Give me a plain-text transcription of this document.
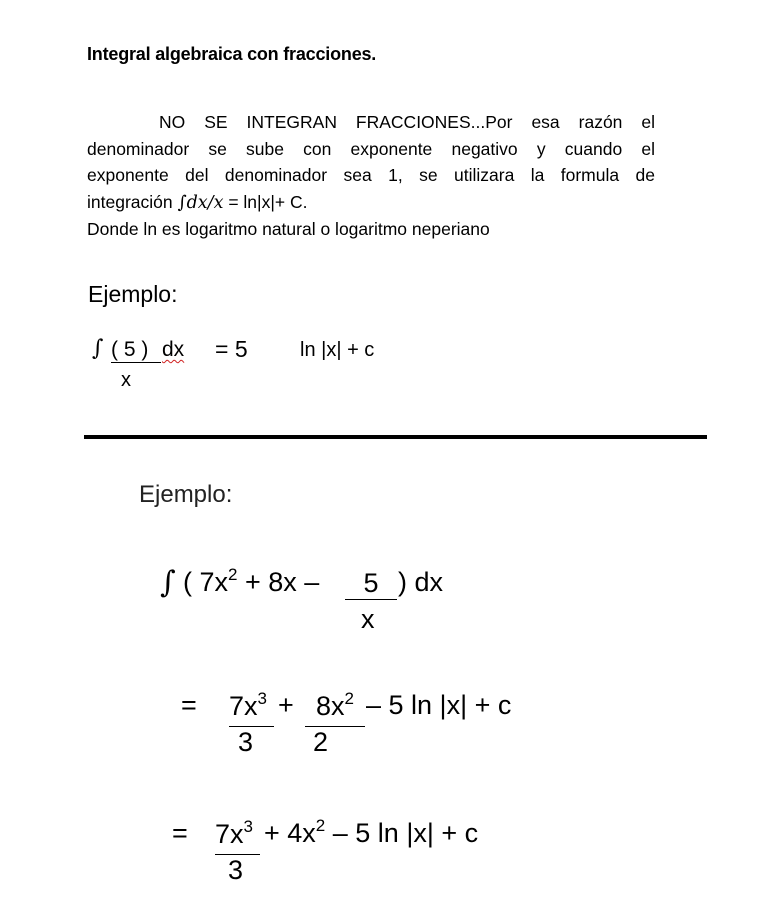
Integral algebraica con fracciones.
NO SE INTEGRAN FRACCIONES...Por esa razón el
denominador se sube con exponente negativo y cuando el
exponente del denominador sea 1, se utilizara la formula de
integración ∫dx/x = ln|x|+ C.
Donde ln es logaritmo natural o logaritmo neperiano
Ejemplo:
∫ ( 5 ) dx
x
= 5	ln |x| + c
Ejemplo:
∫ ( $7x^2 + 8x$ –	5 ) dx
x
= $7x^3 + 8x^2 - 5$ ln |x| + c
3 2
= $7x^3 + 4x^2 - 5$ ln |x| + c
3
